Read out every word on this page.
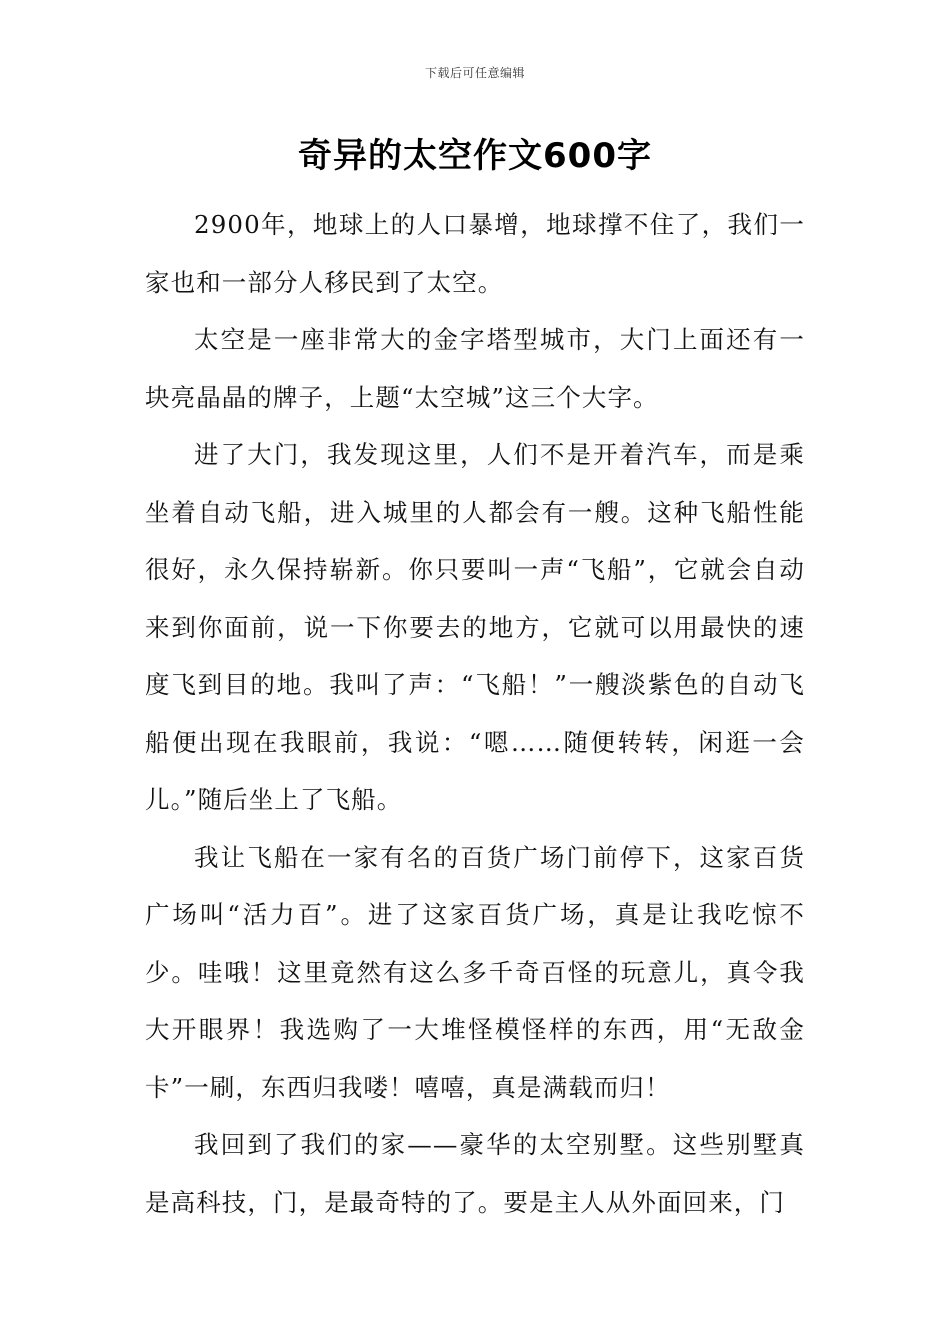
下载后可任意编辑
奇异的太空作文600字

2900年，地球上的人口暴增，地球撑不住了，我们一家也和一部分人移民到了太空。

太空是一座非常大的金字塔型城市，大门上面还有一块亮晶晶的牌子，上题“太空城”这三个大字。

进了大门，我发现这里，人们不是开着汽车，而是乘坐着自动飞船，进入城里的人都会有一艘。这种飞船性能很好，永久保持崭新。你只要叫一声“飞船”，它就会自动来到你面前，说一下你要去的地方，它就可以用最快的速度飞到目的地。我叫了声：“飞船！”一艘淡紫色的自动飞船便出现在我眼前，我说：“嗯……随便转转，闲逛一会儿。”随后坐上了飞船。

我让飞船在一家有名的百货广场门前停下，这家百货广场叫“活力百”。进了这家百货广场，真是让我吃惊不少。哇哦！这里竟然有这么多千奇百怪的玩意儿，真令我大开眼界！我选购了一大堆怪模怪样的东西，用“无敌金卡”一刷，东西归我喽！嘻嘻，真是满载而归！

我回到了我们的家——豪华的太空别墅。这些别墅真是高科技，门，是最奇特的了。要是主人从外面回来，门
